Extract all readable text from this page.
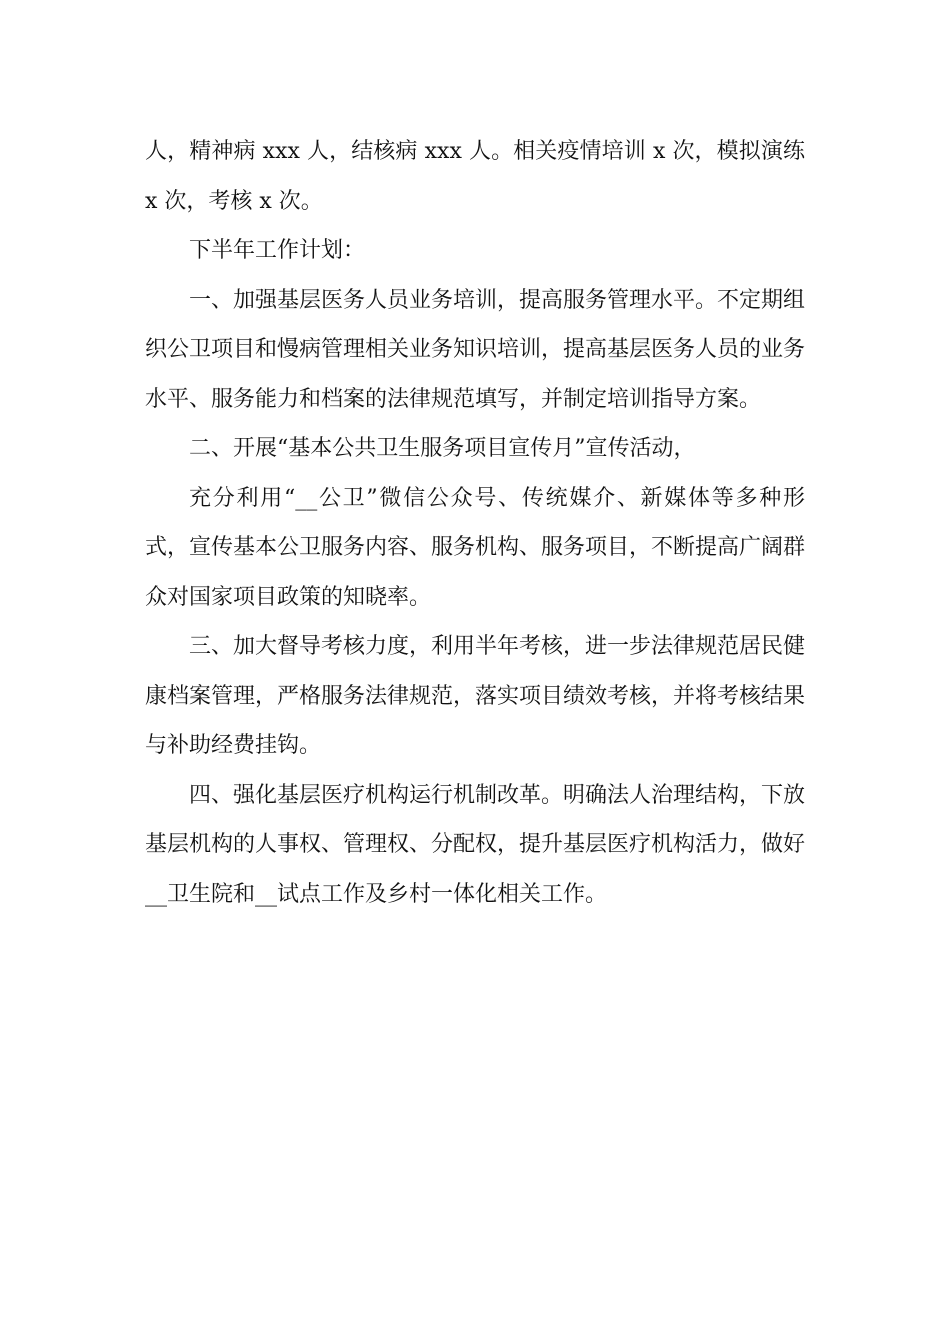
人，精神病 xxx 人，结核病 xxx 人。相关疫情培训 x 次，模拟演练 x 次，考核 x 次。

下半年工作计划：

一、加强基层医务人员业务培训，提高服务管理水平。不定期组织公卫项目和慢病管理相关业务知识培训，提高基层医务人员的业务水平、服务能力和档案的法律规范填写，并制定培训指导方案。

二、开展“基本公共卫生服务项目宣传月”宣传活动，

充分利用“__公卫”微信公众号、传统媒介、新媒体等多种形式，宣传基本公卫服务内容、服务机构、服务项目，不断提高广阔群众对国家项目政策的知晓率。

三、加大督导考核力度，利用半年考核，进一步法律规范居民健康档案管理，严格服务法律规范，落实项目绩效考核，并将考核结果与补助经费挂钩。

四、强化基层医疗机构运行机制改革。明确法人治理结构，下放基层机构的人事权、管理权、分配权，提升基层医疗机构活力，做好__卫生院和__试点工作及乡村一体化相关工作。
